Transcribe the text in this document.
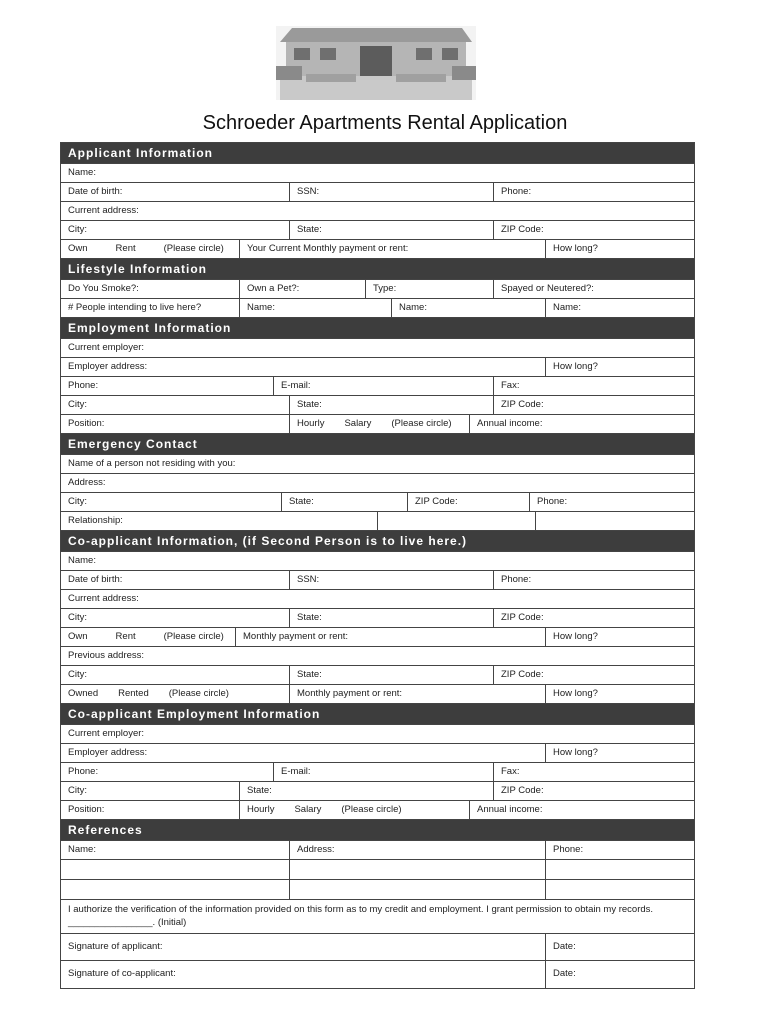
Schroeder Apartments Rental Application
Applicant Information
Name:
Date of birth:	SSN:	Phone:
Current address:
City:	State:	ZIP Code:
Own	Rent	(Please circle)	Your Current Monthly payment or rent:	How long?
Lifestyle Information
Do You Smoke?:	Own a Pet?:	Type:	Spayed or Neutered?:
# People intending to live here?	Name:	Name:	Name:
Employment Information
Current employer:
Employer address:	How long?
Phone:	E-mail:	Fax:
City:	State:	ZIP Code:
Position:	Hourly Salary (Please circle)	Annual income:
Emergency Contact
Name of a person not residing with you:
Address:
City:	State:	ZIP Code:	Phone:
Relationship:
Co-applicant Information, (if Second Person is to live here.)
Name:
Date of birth:	SSN:	Phone:
Current address:
City:	State:	ZIP Code:
Own	Rent	(Please circle)	Monthly payment or rent:	How long?
Previous address:
City:	State:	ZIP Code:
Owned Rented (Please circle)	Monthly payment or rent:	How long?
Co-applicant Employment Information
Current employer:
Employer address:	How long?
Phone:	E-mail:	Fax:
City:	State:	ZIP Code:
Position:	Hourly Salary (Please circle)	Annual income:
References
Name:	Address:	Phone:
I authorize the verification of the information provided on this form as to my credit and employment. I grant permission to obtain my records. ________________. (Initial)
Signature of applicant:	Date:
Signature of co-applicant:	Date:
